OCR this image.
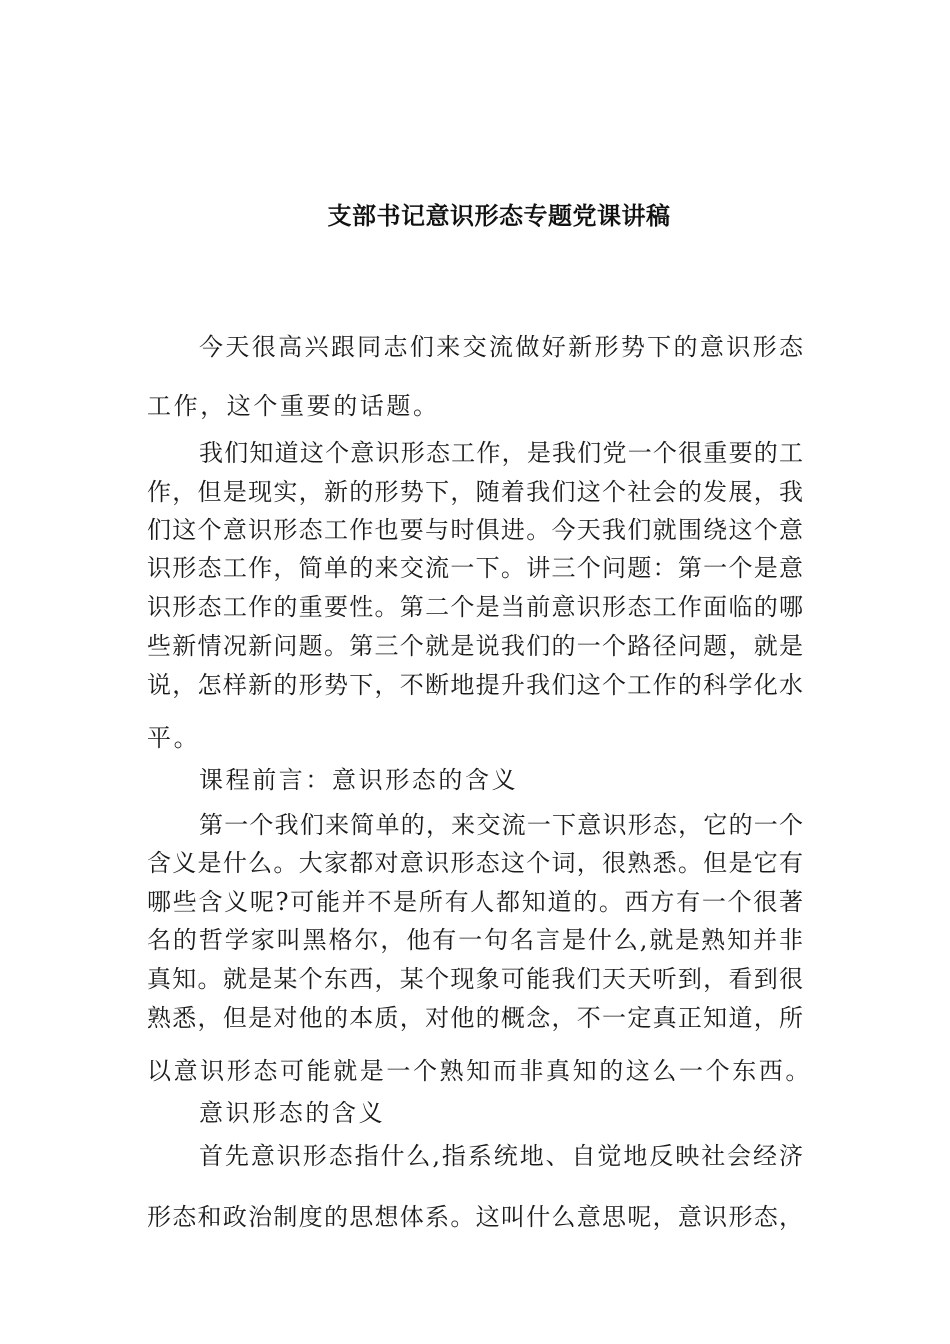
支部书记意识形态专题党课讲稿
今天很高兴跟同志们来交流做好新形势下的意识形态
工作，这个重要的话题。
我们知道这个意识形态工作，是我们党一个很重要的工
作，但是现实，新的形势下，随着我们这个社会的发展，我
们这个意识形态工作也要与时俱进。今天我们就围绕这个意
识形态工作，简单的来交流一下。讲三个问题：第一个是意
识形态工作的重要性。第二个是当前意识形态工作面临的哪
些新情况新问题。第三个就是说我们的一个路径问题，就是
说，怎样新的形势下，不断地提升我们这个工作的科学化水
平。
课程前言：意识形态的含义
第一个我们来简单的，来交流一下意识形态，它的一个
含义是什么。大家都对意识形态这个词，很熟悉。但是它有
哪些含义呢?可能并不是所有人都知道的。西方有一个很著
名的哲学家叫黑格尔，他有一句名言是什么,就是熟知并非
真知。就是某个东西，某个现象可能我们天天听到，看到很
熟悉，但是对他的本质，对他的概念，不一定真正知道，所
以意识形态可能就是一个熟知而非真知的这么一个东西。
意识形态的含义
首先意识形态指什么,指系统地、自觉地反映社会经济
形态和政治制度的思想体系。这叫什么意思呢，意识形态，
